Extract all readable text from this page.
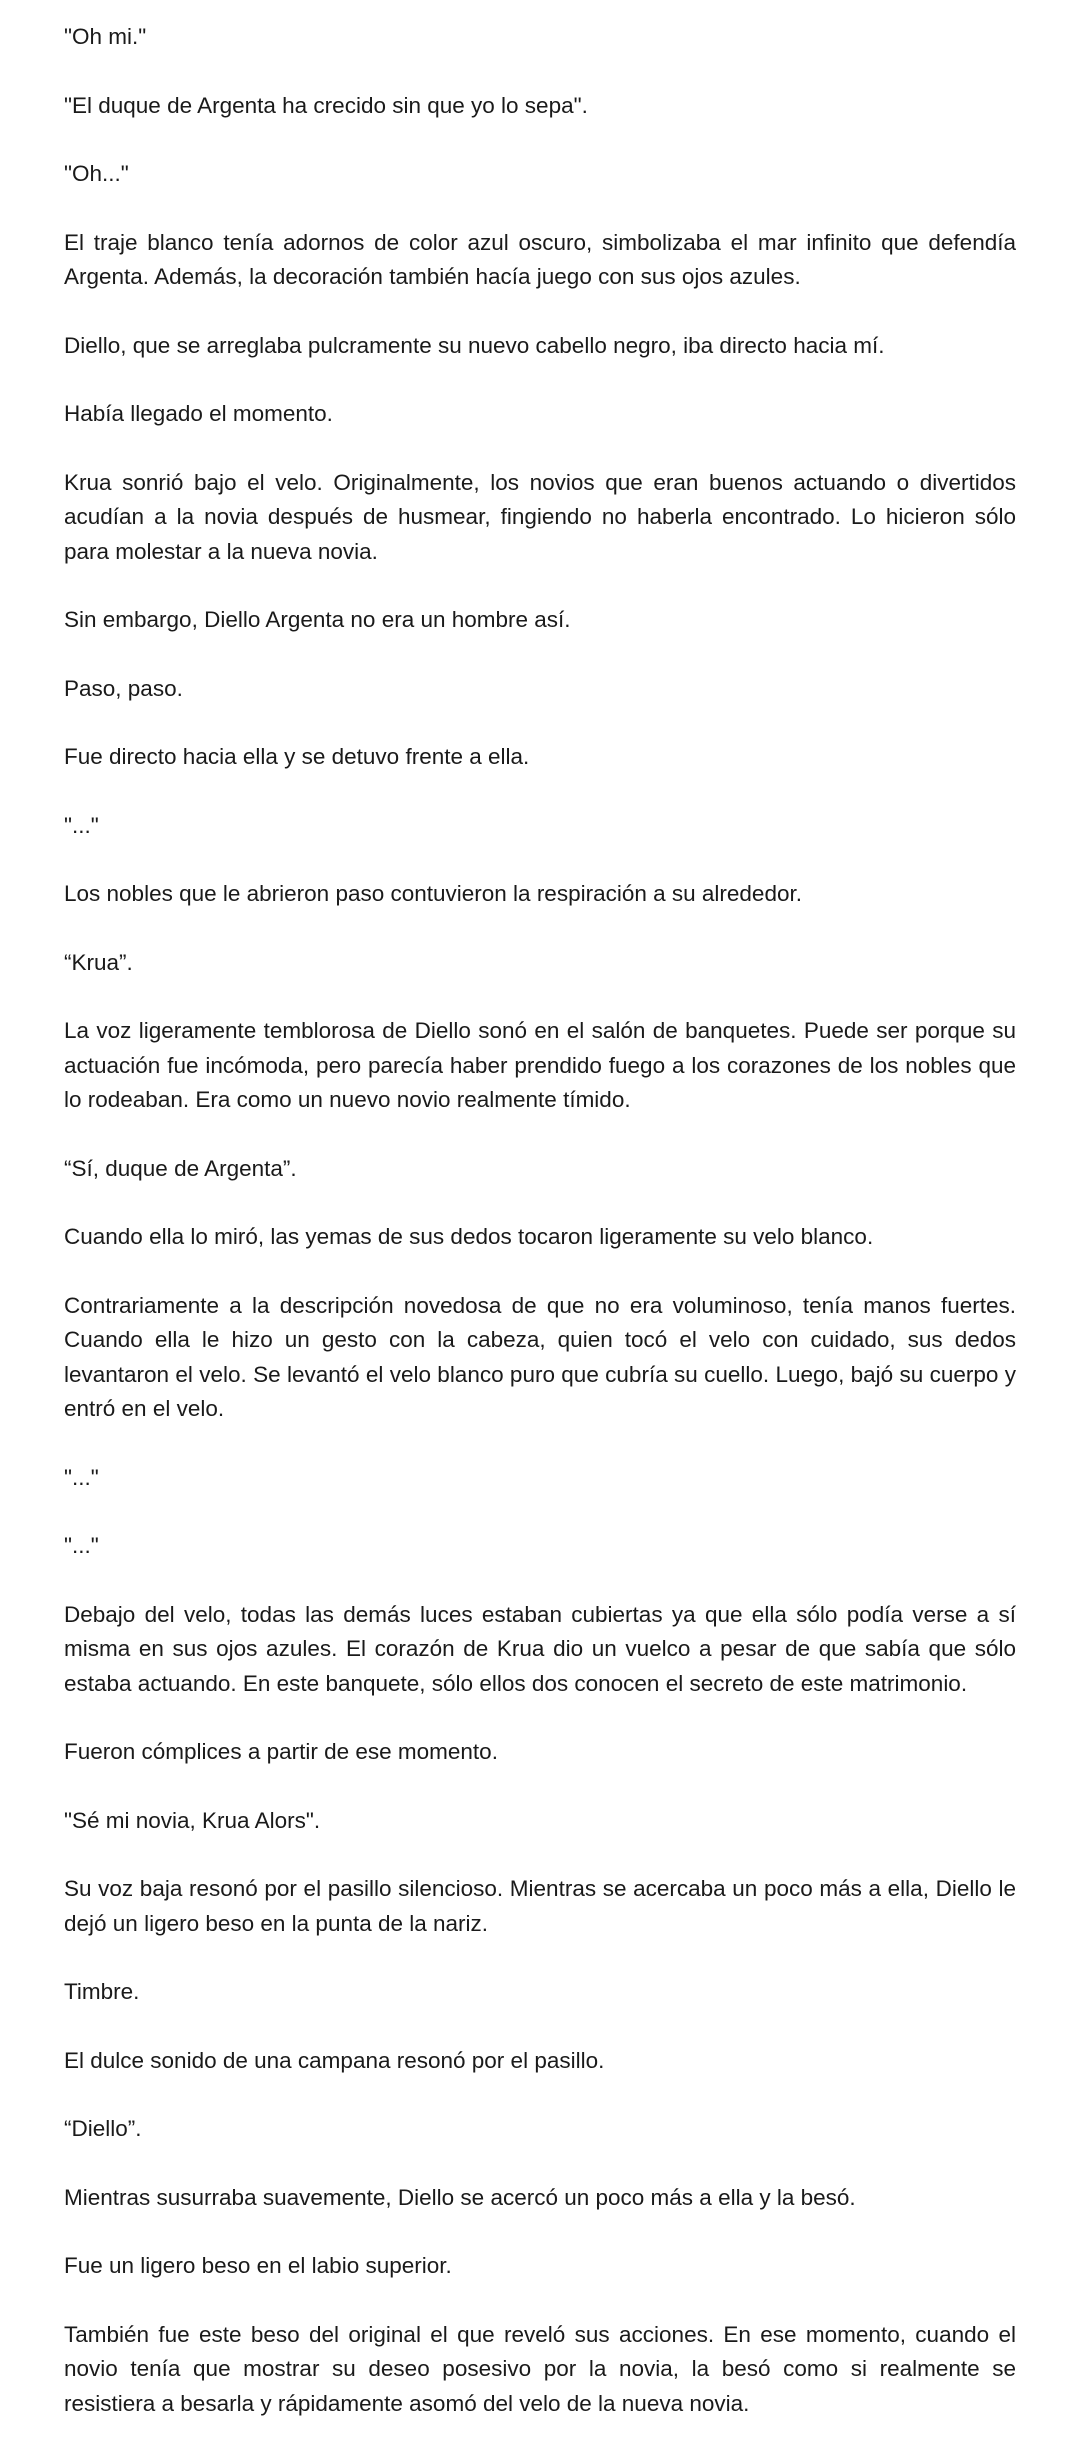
"Oh mi."

"El duque de Argenta ha crecido sin que yo lo sepa".

"Oh..."

El traje blanco tenía adornos de color azul oscuro, simbolizaba el mar infinito que defendía Argenta. Además, la decoración también hacía juego con sus ojos azules.

Diello, que se arreglaba pulcramente su nuevo cabello negro, iba directo hacia mí.

Había llegado el momento.

Krua sonrió bajo el velo. Originalmente, los novios que eran buenos actuando o divertidos acudían a la novia después de husmear, fingiendo no haberla encontrado. Lo hicieron sólo para molestar a la nueva novia.

Sin embargo, Diello Argenta no era un hombre así.

Paso, paso.

Fue directo hacia ella y se detuvo frente a ella.

"..."

Los nobles que le abrieron paso contuvieron la respiración a su alrededor.

“Krua”.

La voz ligeramente temblorosa de Diello sonó en el salón de banquetes. Puede ser porque su actuación fue incómoda, pero parecía haber prendido fuego a los corazones de los nobles que lo rodeaban. Era como un nuevo novio realmente tímido.

“Sí, duque de Argenta”.

Cuando ella lo miró, las yemas de sus dedos tocaron ligeramente su velo blanco.

Contrariamente a la descripción novedosa de que no era voluminoso, tenía manos fuertes. Cuando ella le hizo un gesto con la cabeza, quien tocó el velo con cuidado, sus dedos levantaron el velo. Se levantó el velo blanco puro que cubría su cuello. Luego, bajó su cuerpo y entró en el velo.

"..."

"..."

Debajo del velo, todas las demás luces estaban cubiertas ya que ella sólo podía verse a sí misma en sus ojos azules. El corazón de Krua dio un vuelco a pesar de que sabía que sólo estaba actuando. En este banquete, sólo ellos dos conocen el secreto de este matrimonio.

Fueron cómplices a partir de ese momento.

"Sé mi novia, Krua Alors".

Su voz baja resonó por el pasillo silencioso. Mientras se acercaba un poco más a ella, Diello le dejó un ligero beso en la punta de la nariz.

Timbre.

El dulce sonido de una campana resonó por el pasillo.

“Diello”.

Mientras susurraba suavemente, Diello se acercó un poco más a ella y la besó.

Fue un ligero beso en el labio superior.

También fue este beso del original el que reveló sus acciones. En ese momento, cuando el novio tenía que mostrar su deseo posesivo por la novia, la besó como si realmente se resistiera a besarla y rápidamente asomó del velo de la nueva novia.
